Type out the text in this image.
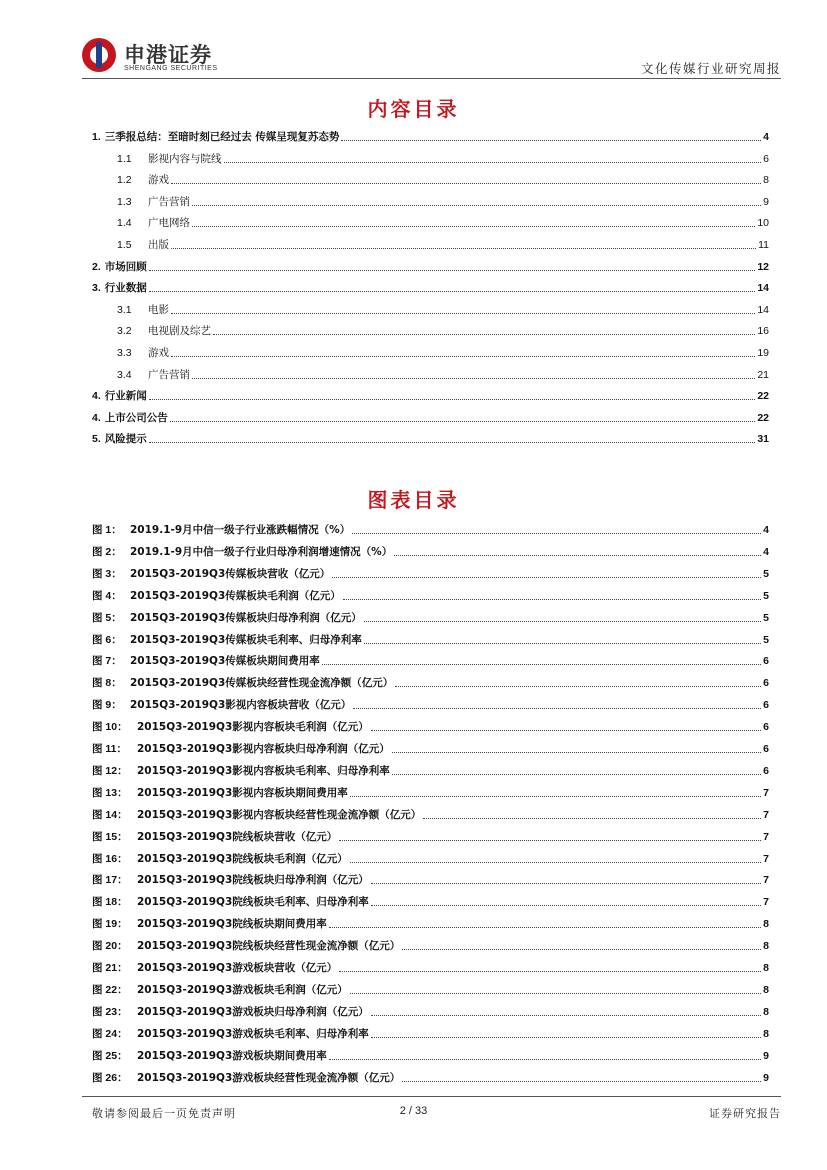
申港证券
SHENGANG SECURITIES	文化传媒行业研究周报
内容目录
1. 三季报总结：至暗时刻已经过去 传媒呈现复苏态势	4
1.1 影视内容与院线	6
1.2 游戏	8
1.3 广告营销	9
1.4 广电网络	10
1.5 出版	11
2. 市场回顾	12
3. 行业数据	14
3.1 电影	14
3.2 电视剧及综艺	16
3.3 游戏	19
3.4 广告营销	21
4. 行业新闻	22
4. 上市公司公告	22
5. 风险提示	31
图表目录
图 1： 2019.1-9月中信一级子行业涨跌幅情况（%）	4
图 2： 2019.1-9月中信一级子行业归母净利润增速情况（%）	4
图 3： 2015Q3-2019Q3传媒板块营收（亿元）	5
图 4： 2015Q3-2019Q3传媒板块毛利润（亿元）	5
图 5： 2015Q3-2019Q3传媒板块归母净利润（亿元）	5
图 6： 2015Q3-2019Q3传媒板块毛利率、归母净利率	5
图 7： 2015Q3-2019Q3传媒板块期间费用率	6
图 8： 2015Q3-2019Q3传媒板块经营性现金流净额（亿元）	6
图 9： 2015Q3-2019Q3影视内容板块营收（亿元）	6
图 10： 2015Q3-2019Q3影视内容板块毛利润（亿元）	6
图 11： 2015Q3-2019Q3影视内容板块归母净利润（亿元）	6
图 12： 2015Q3-2019Q3影视内容板块毛利率、归母净利率	6
图 13： 2015Q3-2019Q3影视内容板块期间费用率	7
图 14： 2015Q3-2019Q3影视内容板块经营性现金流净额（亿元）	7
图 15： 2015Q3-2019Q3院线板块营收（亿元）	7
图 16： 2015Q3-2019Q3院线板块毛利润（亿元）	7
图 17： 2015Q3-2019Q3院线板块归母净利润（亿元）	7
图 18： 2015Q3-2019Q3院线板块毛利率、归母净利率	7
图 19： 2015Q3-2019Q3院线板块期间费用率	8
图 20： 2015Q3-2019Q3院线板块经营性现金流净额（亿元）	8
图 21： 2015Q3-2019Q3游戏板块营收（亿元）	8
图 22： 2015Q3-2019Q3游戏板块毛利润（亿元）	8
图 23： 2015Q3-2019Q3游戏板块归母净利润（亿元）	8
图 24： 2015Q3-2019Q3游戏板块毛利率、归母净利率	8
图 25： 2015Q3-2019Q3游戏板块期间费用率	9
图 26： 2015Q3-2019Q3游戏板块经营性现金流净额（亿元）	9
敬请参阅最后一页免责声明	2 / 33	证券研究报告
